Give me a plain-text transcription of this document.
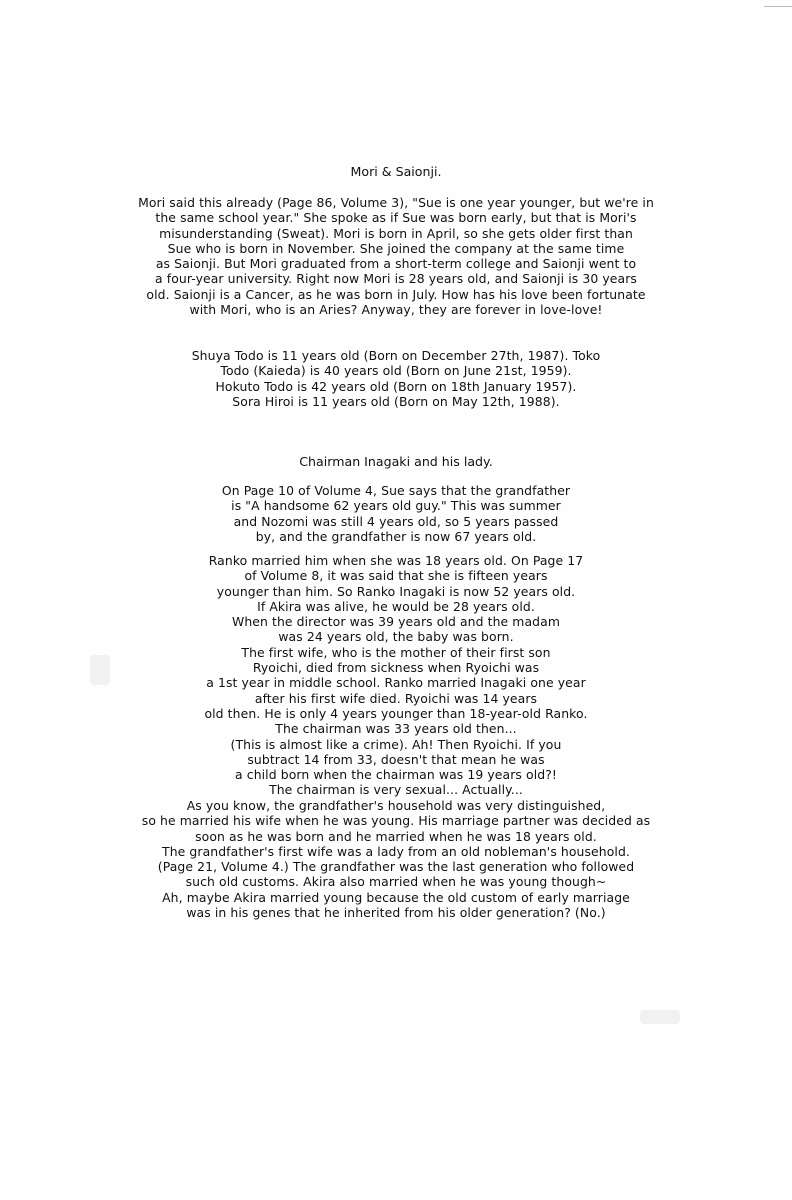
Mori & Saionji.
Mori said this already (Page 86, Volume 3), "Sue is one year younger, but we're in
the same school year." She spoke as if Sue was born early, but that is Mori's
misunderstanding (Sweat). Mori is born in April, so she gets older first than
Sue who is born in November. She joined the company at the same time
as Saionji. But Mori graduated from a short-term college and Saionji went to
a four-year university. Right now Mori is 28 years old, and Saionji is 30 years
old. Saionji is a Cancer, as he was born in July. How has his love been fortunate
with Mori, who is an Aries? Anyway, they are forever in love-love!
Shuya Todo is 11 years old (Born on December 27th, 1987). Toko
Todo (Kaieda) is 40 years old (Born on June 21st, 1959).
Hokuto Todo is 42 years old (Born on 18th January 1957).
Sora Hiroi is 11 years old (Born on May 12th, 1988).
Chairman Inagaki and his lady.
On Page 10 of Volume 4, Sue says that the grandfather
is "A handsome 62 years old guy." This was summer
and Nozomi was still 4 years old, so 5 years passed
by, and the grandfather is now 67 years old.
Ranko married him when she was 18 years old. On Page 17
of Volume 8, it was said that she is fifteen years
younger than him. So Ranko Inagaki is now 52 years old.
If Akira was alive, he would be 28 years old.
When the director was 39 years old and the madam
was 24 years old, the baby was born.
The first wife, who is the mother of their first son
Ryoichi, died from sickness when Ryoichi was
a 1st year in middle school. Ranko married Inagaki one year
after his first wife died. Ryoichi was 14 years
old then. He is only 4 years younger than 18-year-old Ranko.
The chairman was 33 years old then...
(This is almost like a crime). Ah! Then Ryoichi. If you
subtract 14 from 33, doesn't that mean he was
a child born when the chairman was 19 years old?!
The chairman is very sexual... Actually...
As you know, the grandfather's household was very distinguished,
so he married his wife when he was young. His marriage partner was decided as
soon as he was born and he married when he was 18 years old.
The grandfather's first wife was a lady from an old nobleman's household.
(Page 21, Volume 4.) The grandfather was the last generation who followed
such old customs. Akira also married when he was young though~
Ah, maybe Akira married young because the old custom of early marriage
was in his genes that he inherited from his older generation? (No.)
